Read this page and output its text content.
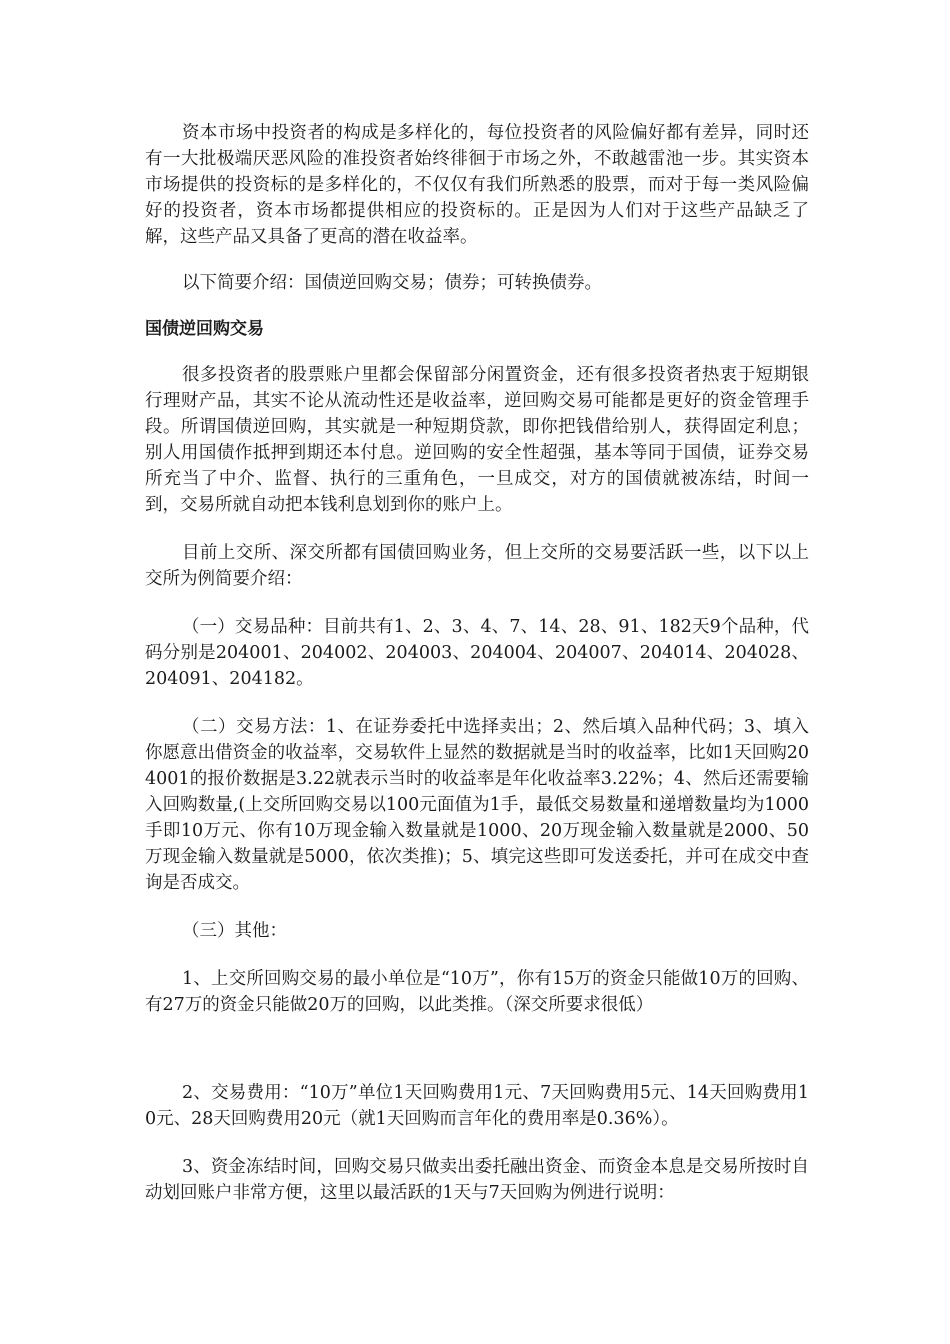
资本市场中投资者的构成是多样化的，每位投资者的风险偏好都有差异，同时还有一大批极端厌恶风险的准投资者始终徘徊于市场之外，不敢越雷池一步。其实资本市场提供的投资标的是多样化的，不仅仅有我们所熟悉的股票，而对于每一类风险偏好的投资者，资本市场都提供相应的投资标的。正是因为人们对于这些产品缺乏了解，这些产品又具备了更高的潜在收益率。

以下简要介绍：国债逆回购交易；债券；可转换债券。

国债逆回购交易

很多投资者的股票账户里都会保留部分闲置资金，还有很多投资者热衷于短期银行理财产品，其实不论从流动性还是收益率，逆回购交易可能都是更好的资金管理手段。所谓国债逆回购，其实就是一种短期贷款，即你把钱借给别人，获得固定利息；别人用国债作抵押到期还本付息。逆回购的安全性超强，基本等同于国债，证券交易所充当了中介、监督、执行的三重角色，一旦成交，对方的国债就被冻结，时间一到，交易所就自动把本钱利息划到你的账户上。

目前上交所、深交所都有国债回购业务，但上交所的交易要活跃一些，以下以上交所为例简要介绍：

（一）交易品种：目前共有1、2、3、4、7、14、28、91、182天9个品种，代码分别是204001、204002、204003、204004、204007、204014、204028、204091、204182。

（二）交易方法：1、在证券委托中选择卖出；2、然后填入品种代码；3、填入你愿意出借资金的收益率，交易软件上显然的数据就是当时的收益率，比如1天回购204001的报价数据是3.22就表示当时的收益率是年化收益率3.22%；4、然后还需要输入回购数量,(上交所回购交易以100元面值为1手，最低交易数量和递增数量均为1000手即10万元、你有10万现金输入数量就是1000、20万现金输入数量就是2000、50万现金输入数量就是5000，依次类推)；5、填完这些即可发送委托，并可在成交中查询是否成交。

（三）其他：

1、上交所回购交易的最小单位是“10万”，你有15万的资金只能做10万的回购、有27万的资金只能做20万的回购，以此类推。（深交所要求很低）

2、交易费用：“10万”单位1天回购费用1元、7天回购费用5元、14天回购费用10元、28天回购费用20元（就1天回购而言年化的费用率是0.36%）。

3、资金冻结时间，回购交易只做卖出委托融出资金、而资金本息是交易所按时自动划回账户非常方便，这里以最活跃的1天与7天回购为例进行说明：
